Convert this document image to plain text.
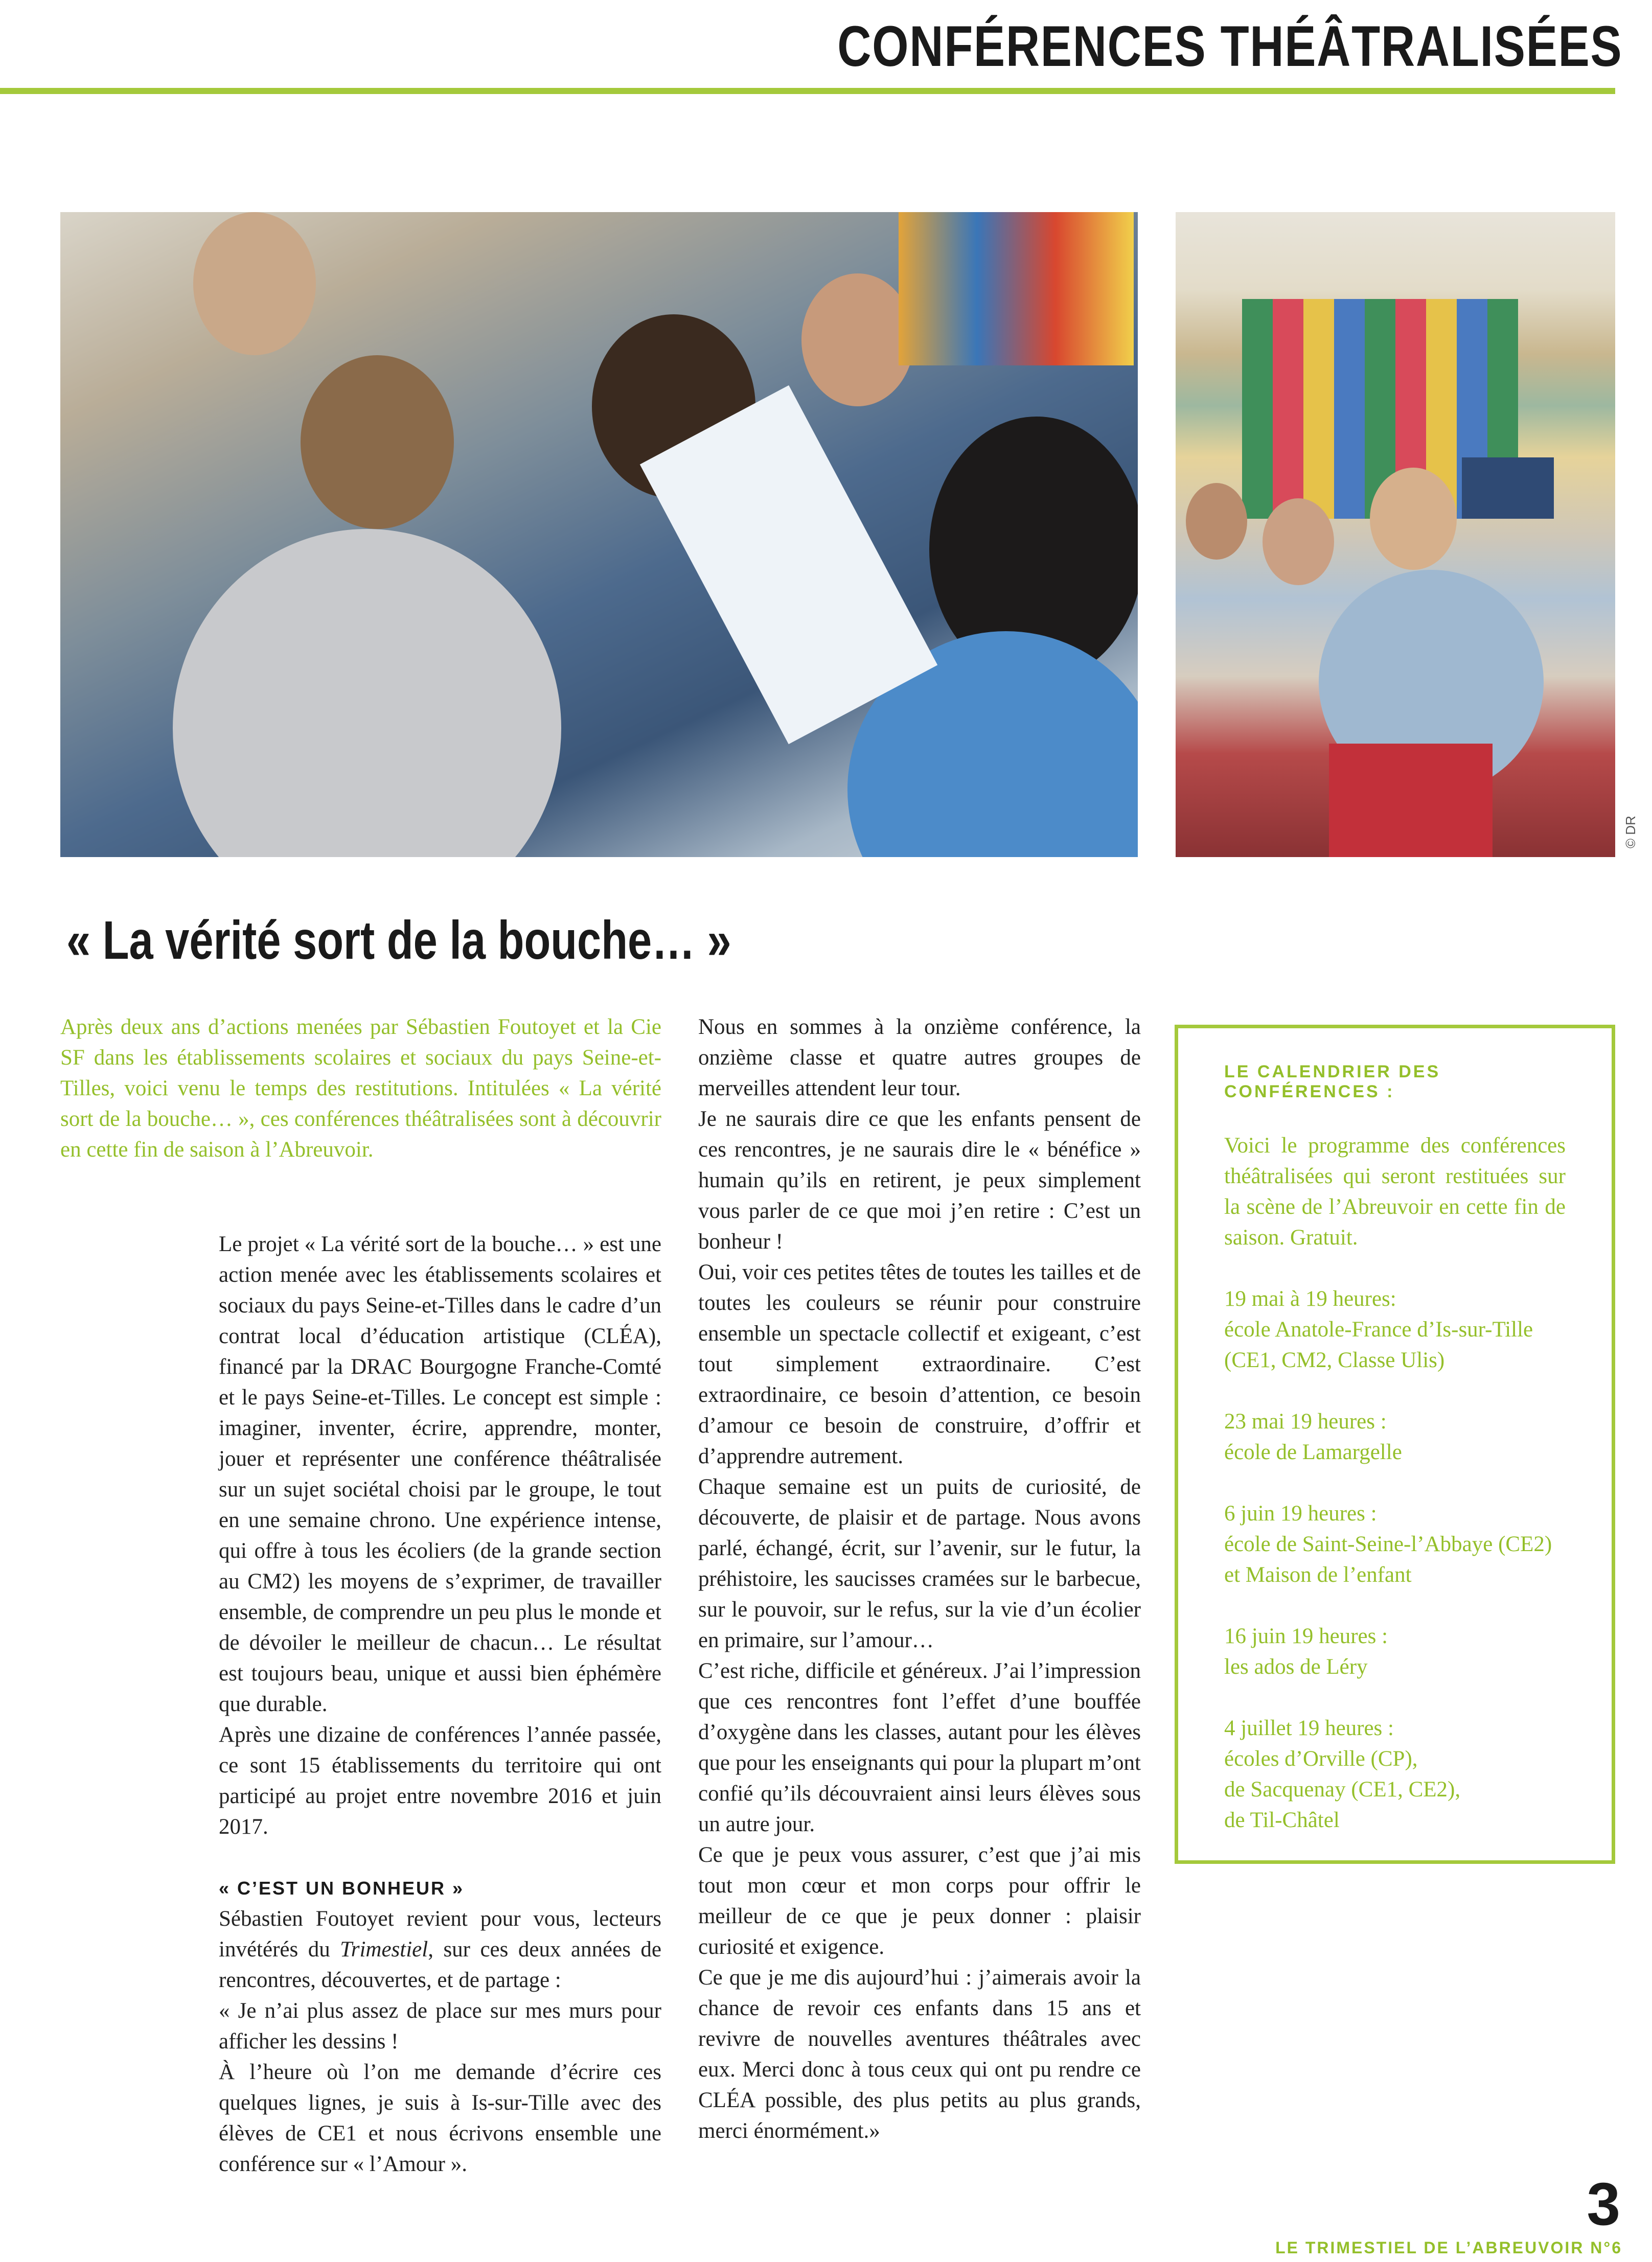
CONFÉRENCES THÉÂTRALISÉES
© DR
« La vérité sort de la bouche… »

Après deux ans d’actions menées par Sébastien Foutoyet et la Cie SF dans les établissements scolaires et sociaux du pays Seine-et-Tilles, voici venu le temps des restitutions. Intitulées « La vérité sort de la bouche… », ces conférences théâtralisées sont à découvrir en cette fin de saison à l’Abreuvoir.

Le projet « La vérité sort de la bouche… » est une action menée avec les établissements scolaires et sociaux du pays Seine-et-Tilles dans le cadre d’un contrat local d’éducation artistique (CLÉA), financé par la DRAC Bourgogne Franche-Comté et le pays Seine-et-Tilles. Le concept est simple : imaginer, inventer, écrire, apprendre, monter, jouer et représenter une conférence théâtralisée sur un sujet sociétal choisi par le groupe, le tout en une semaine chrono. Une expérience intense, qui offre à tous les écoliers (de la grande section au CM2) les moyens de s’exprimer, de travailler ensemble, de comprendre un peu plus le monde et de dévoiler le meilleur de chacun… Le résultat est toujours beau, unique et aussi bien éphémère que durable.

Après une dizaine de conférences l’année passée, ce sont 15 établissements du territoire qui ont participé au projet entre novembre 2016 et juin 2017.

« C’EST UN BONHEUR »

Sébastien Foutoyet revient pour vous, lecteurs invétérés du Trimestiel, sur ces deux années de rencontres, découvertes, et de partage :

« Je n’ai plus assez de place sur mes murs pour afficher les dessins !

À l’heure où l’on me demande d’écrire ces quelques lignes, je suis à Is-sur-Tille avec des élèves de CE1 et nous écrivons ensemble une conférence sur « l’Amour ».

Nous en sommes à la onzième conférence, la onzième classe et quatre autres groupes de merveilles attendent leur tour.

Je ne saurais dire ce que les enfants pensent de ces rencontres, je ne saurais dire le « bénéfice » humain qu’ils en retirent, je peux simplement vous parler de ce que moi j’en retire : C’est un bonheur !

Oui, voir ces petites têtes de toutes les tailles et de toutes les couleurs se réunir pour construire ensemble un spectacle collectif et exigeant, c’est tout simplement extraordinaire. C’est extraordinaire, ce besoin d’attention, ce besoin d’amour ce besoin de construire, d’offrir et d’apprendre autrement.

Chaque semaine est un puits de curiosité, de découverte, de plaisir et de partage. Nous avons parlé, échangé, écrit, sur l’avenir, sur le futur, la préhistoire, les saucisses cramées sur le barbecue, sur le pouvoir, sur le refus, sur la vie d’un écolier en primaire, sur l’amour…

C’est riche, difficile et généreux. J’ai l’impression que ces rencontres font l’effet d’une bouffée d’oxygène dans les classes, autant pour les élèves que pour les enseignants qui pour la plupart m’ont confié qu’ils découvraient ainsi leurs élèves sous un autre jour.

Ce que je peux vous assurer, c’est que j’ai mis tout mon cœur et mon corps pour offrir le meilleur de ce que je peux donner : plaisir curiosité et exigence.

Ce que je me dis aujourd’hui : j’aimerais avoir la chance de revoir ces enfants dans 15 ans et revivre de nouvelles aventures théâtrales avec eux. Merci donc à tous ceux qui ont pu rendre ce CLÉA possible, des plus petits au plus grands, merci énormément.»

LE CALENDRIER DES CONFÉRENCES :

Voici le programme des conférences théâtralisées qui seront restituées sur la scène de l’Abreuvoir en cette fin de saison. Gratuit.

19 mai à 19 heures:
école Anatole-France d’Is-sur-Tille
(CE1, CM2, Classe Ulis)
23 mai 19 heures :
école de Lamargelle
6 juin 19 heures :
école de Saint-Seine-l’Abbaye (CE2)
et Maison de l’enfant
16 juin 19 heures :
les ados de Léry
4 juillet 19 heures :
écoles d’Orville (CP),
de Sacquenay (CE1, CE2),
de Til-Châtel
3
LE TRIMESTIEL DE L’ABREUVOIR N°6
